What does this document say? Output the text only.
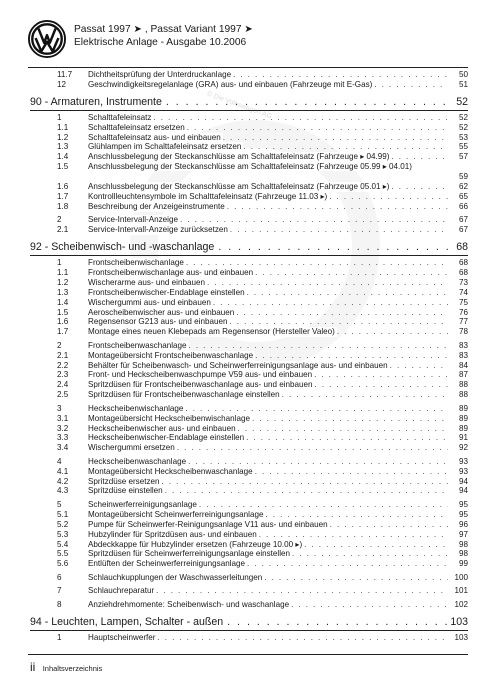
Passat 1997 ➤ , Passat Variant 1997 ➤
Elektrische Anlage - Ausgabe 10.2006
© Die Volkswagen AG
11.7 Dichtheitsprüfung der Unterdruckanlage . . .	50
12	Geschwindigkeitsregelanlage (GRA) aus- und einbauen (Fahrzeuge mit E-Gas) . . .	51
90 - Armaturen, Instrumente . . .	52
1	Schalttafeleinsatz . . .	52
1.1 Schalttafeleinsatz ersetzen . . .	52
1.2 Schalttafeleinsatz aus- und einbauen . . .	53
1.3 Glühlampen im Schalttafeleinsatz ersetzen . . .	55
1.4 Anschlussbelegung der Steckanschlüsse am Schalttafeleinsatz (Fahrzeuge ▸ 04.99) . . .	57
1.5 Anschlussbelegung der Steckanschlüsse am Schalttafeleinsatz (Fahrzeuge 05.99 ▸ 04.01)
59
1.6 Anschlussbelegung der Steckanschlüsse am Schalttafeleinsatz (Fahrzeuge 05.01 ▸) . . .	62
1.7 Kontrollleuchtensymbole im Schalttafeleinsatz (Fahrzeuge 11.03 ▸) . . .	65
1.8 Beschreibung der Anzeigeinstrumente . . .	66
2	Service-Intervall-Anzeige . . .	67
2.1 Service-Intervall-Anzeige zurücksetzen . . .	67
92 - Scheibenwisch- und -waschanlage . . .	68
1	Frontscheibenwischanlage . . .	68
1.1 Frontscheibenwischanlage aus- und einbauen . . .	68
1.2 Wischerarme aus- und einbauen . . .	73
1.3 Frontscheibenwischer-Endablage einstellen . . .	74
1.4 Wischergummi aus- und einbauen . . .	75
1.5 Aeroscheibenwischer aus- und einbauen . . .	76
1.6 Regensensor G213 aus- und einbauen . . .	77
1.7 Montage eines neuen Klebepads am Regensensor (Hersteller Valeo) . . .	78
2	Frontscheibenwaschanlage . . .	83
2.1 Montageübersicht Frontscheibenwaschanlage . . .	83
2.2 Behälter für Scheibenwasch- und Scheinwerferreinigungsanlage aus- und einbauen . . .	84
2.3 Front- und Heckscheibenwaschpumpe V59 aus- und einbauen . . .	87
2.4 Spritzdüsen für Frontscheibenwaschanlage aus- und einbauen . . .	88
2.5 Spritzdüsen für Frontscheibenwaschanlage einstellen . . .	88
3	Heckscheibenwischanlage . . .	89
3.1 Montageübersicht Heckscheibenwischanlage . . .	89
3.2 Heckscheibenwischer aus- und einbauen . . .	89
3.3 Heckscheibenwischer-Endablage einstellen . . .	91
3.4 Wischergummi ersetzen . . .	92
4	Heckscheibenwaschanlage . . .	93
4.1 Montageübersicht Heckscheibenwaschanlage . . .	93
4.2 Spritzdüse ersetzen . . .	94
4.3 Spritzdüse einstellen . . .	94
5	Scheinwerferreinigungsanlage . . .	95
5.1 Montageübersicht Scheinwerferreinigungsanlage . . .	95
5.2 Pumpe für Scheinwerfer-Reinigungsanlage V11 aus- und einbauen . . .	96
5.3 Hubzylinder für Spritzdüsen aus- und einbauen . . .	97
5.4 Abdeckkappe für Hubzylinder ersetzen (Fahrzeuge 10.00 ▸) . . .	98
5.5 Spritzdüsen für Scheinwerferreinigungsanlage einstellen . . .	98
5.6 Entlüften der Scheinwerferreinigungsanlage . . .	99
6	Schlauchkupplungen der Waschwasserleitungen . . .	100
7	Schlauchreparatur . . .	101
8	Anziehdrehmomente: Scheibenwisch- und waschanlage . . .	102
94 - Leuchten, Lampen, Schalter - außen . . .	103
1	Hauptscheinwerfer . . .	103
ii Inhaltsverzeichnis
